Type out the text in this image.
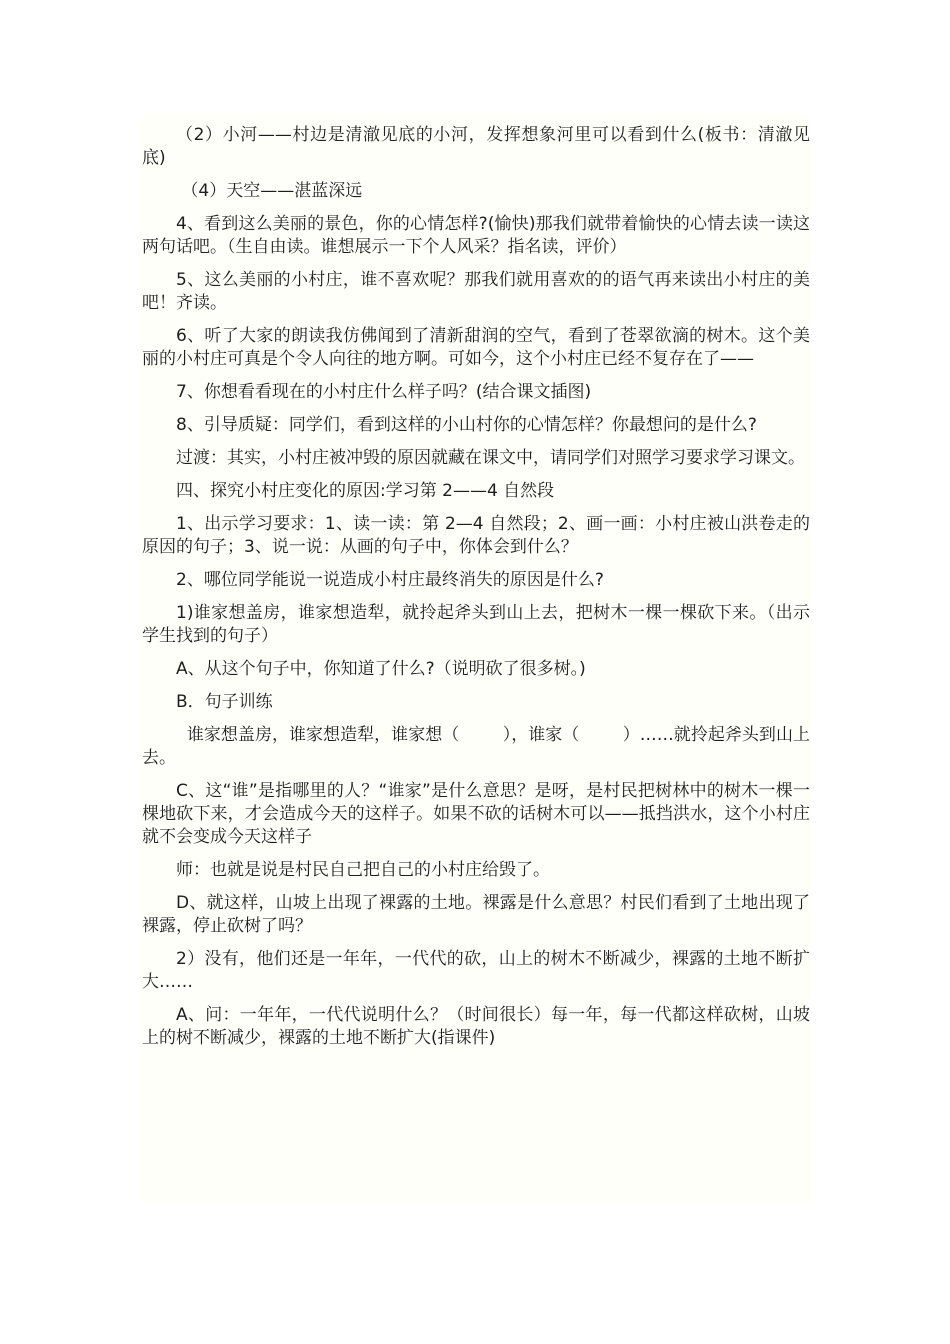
（2）小河——村边是清澈见底的小河，发挥想象河里可以看到什么(板书：清澈见底)

（4）天空——湛蓝深远

4、看到这么美丽的景色，你的心情怎样?(愉快)那我们就带着愉快的心情去读一读这两句话吧。（生自由读。谁想展示一下个人风采？指名读，评价）

5、这么美丽的小村庄，谁不喜欢呢？那我们就用喜欢的的语气再来读出小村庄的美吧！齐读。

6、听了大家的朗读我仿佛闻到了清新甜润的空气，看到了苍翠欲滴的树木。这个美丽的小村庄可真是个令人向往的地方啊。可如今，这个小村庄已经不复存在了——

7、你想看看现在的小村庄什么样子吗？(结合课文插图)

8、引导质疑：同学们，看到这样的小山村你的心情怎样？你最想问的是什么?

过渡：其实，小村庄被冲毁的原因就藏在课文中，请同学们对照学习要求学习课文。

四、探究小村庄变化的原因:学习第 2——4 自然段

1、出示学习要求：1、读一读：第 2—4 自然段；2、画一画：小村庄被山洪卷走的原因的句子；3、说一说：从画的句子中，你体会到什么？

2、哪位同学能说一说造成小村庄最终消失的原因是什么?

1)谁家想盖房，谁家想造犁，就拎起斧头到山上去，把树木一棵一棵砍下来。（出示学生找到的句子）

A、从这个句子中，你知道了什么?（说明砍了很多树。)

B．句子训练

谁家想盖房，谁家想造犁，谁家想（        ），谁家（        ）……就拎起斧头到山上去。

C、这“谁”是指哪里的人？“谁家”是什么意思？是呀，是村民把树林中的树木一棵一棵地砍下来，才会造成今天的这样子。如果不砍的话树木可以——抵挡洪水，这个小村庄就不会变成今天这样子

师：也就是说是村民自己把自己的小村庄给毁了。

D、就这样，山坡上出现了裸露的土地。裸露是什么意思？村民们看到了土地出现了裸露，停止砍树了吗？

2）没有，他们还是一年年，一代代的砍，山上的树木不断减少，裸露的土地不断扩大……

A、问：一年年，一代代说明什么？（时间很长）每一年，每一代都这样砍树，山坡上的树不断减少，裸露的土地不断扩大(指课件)
